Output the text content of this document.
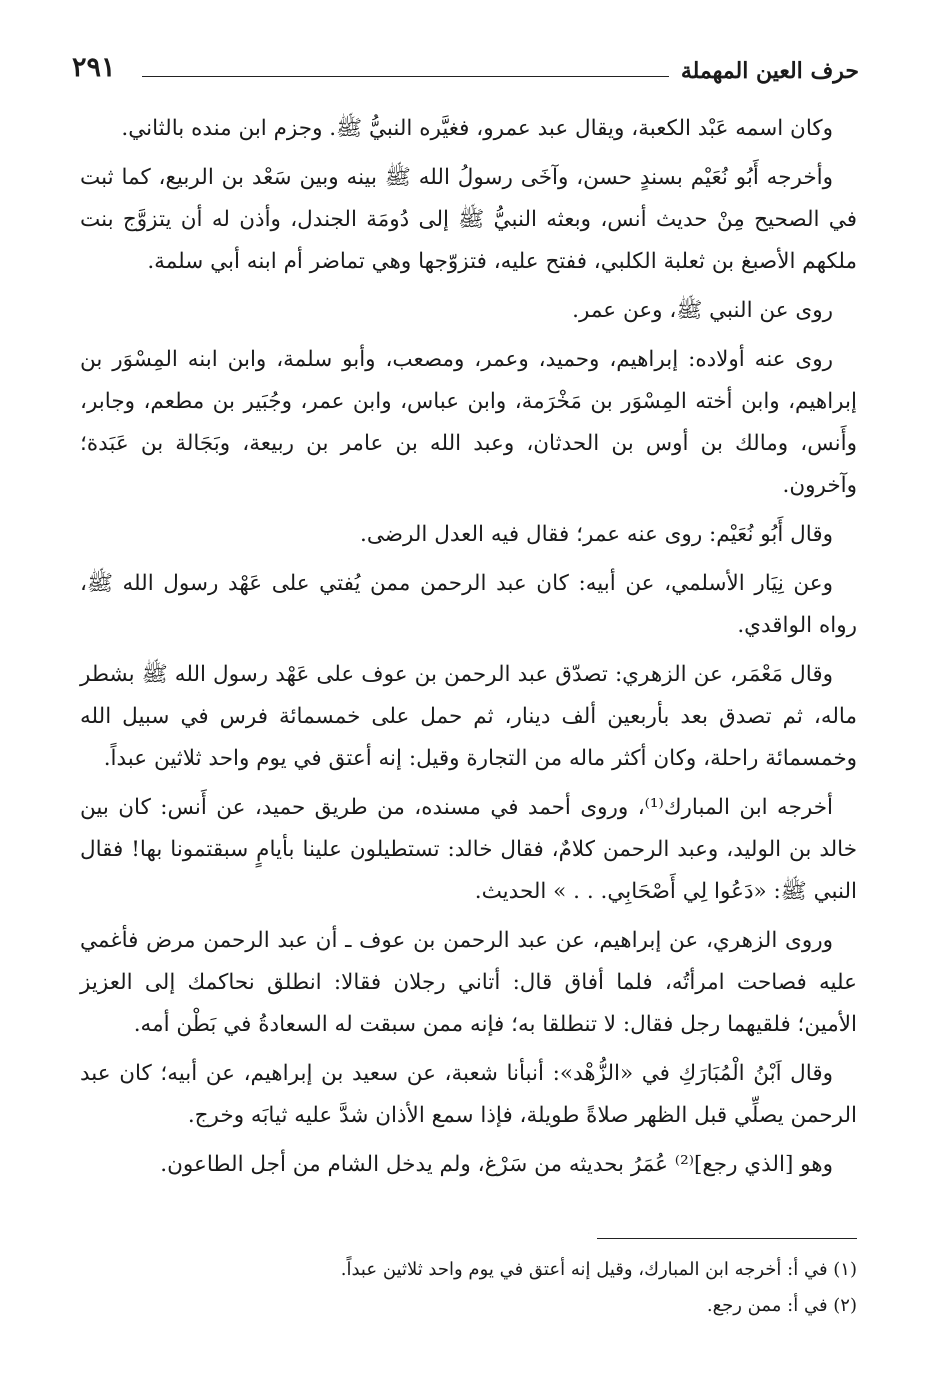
حرف العين المهملة
٢٩١

وكان اسمه عَبْد الكعبة، ويقال عبد عمرو، فغيَّره النبيُّ ﷺ. وجزم ابن منده بالثاني.

وأخرجه أَبُو نُعَيْم بسندٍ حسن، وآخَى رسولُ الله ﷺ بينه وبين سَعْد بن الربيع، كما ثبت في الصحيح مِنْ حديث أنس، وبعثه النبيُّ ﷺ إلى دُومَة الجندل، وأذن له أن يتزوَّج بنت ملكهم الأصبغ بن ثعلبة الكلبي، ففتح عليه، فتزوّجها وهي تماضر أم ابنه أبي سلمة.

روى عن النبي ﷺ، وعن عمر.

روى عنه أولاده: إبراهيم، وحميد، وعمر، ومصعب، وأبو سلمة، وابن ابنه المِسْوَر بن إبراهيم، وابن أخته المِسْوَر بن مَخْرَمة، وابن عباس، وابن عمر، وجُبَير بن مطعم، وجابر، وأَنس، ومالك بن أوس بن الحدثان، وعبد الله بن عامر بن ربيعة، وبَجَالة بن عَبَدة؛ وآخرون.

وقال أَبُو نُعَيْم: روى عنه عمر؛ فقال فيه العدل الرضى.

وعن نِيَار الأسلمي، عن أبيه: كان عبد الرحمن ممن يُفتي على عَهْد رسول الله ﷺ، رواه الواقدي.

وقال مَعْمَر، عن الزهري: تصدّق عبد الرحمن بن عوف على عَهْد رسول الله ﷺ بشطر ماله، ثم تصدق بعد بأربعين ألف دينار، ثم حمل على خمسمائة فرس في سبيل الله وخمسمائة راحلة، وكان أكثر ماله من التجارة وقيل: إنه أعتق في يوم واحد ثلاثين عبداً.

أخرجه ابن المبارك⁽¹⁾، وروى أحمد في مسنده، من طريق حميد، عن أَنس: كان بين خالد بن الوليد، وعبد الرحمن كلامٌ، فقال خالد: تستطيلون علينا بأيامٍ سبقتمونا بها! فقال النبي ﷺ: «دَعُوا لِي أَصْحَابِي. . . » الحديث.

وروى الزهري، عن إبراهيم، عن عبد الرحمن بن عوف ـ أن عبد الرحمن مرض فأغمي عليه فصاحت امرأتُه، فلما أفاق قال: أتاني رجلان فقالا: انطلق نحاكمك إلى العزيز الأمين؛ فلقيهما رجل فقال: لا تنطلقا به؛ فإنه ممن سبقت له السعادةُ في بَطْن أمه.

وقال اَبْنُ الْمُبَارَكِ في «الزُّهْد»: أنبأنا شعبة، عن سعيد بن إبراهيم، عن أبيه؛ كان عبد الرحمن يصلِّي قبل الظهر صلاةً طويلة، فإذا سمع الأذان شدَّ عليه ثيابَه وخرج.

وهو [الذي رجع]⁽²⁾ عُمَرُ بحديثه من سَرْغ، ولم يدخل الشام من أجل الطاعون.

(١) في أ: أخرجه ابن المبارك، وقيل إنه أعتق في يوم واحد ثلاثين عبداً.

(٢) في أ: ممن رجع.
